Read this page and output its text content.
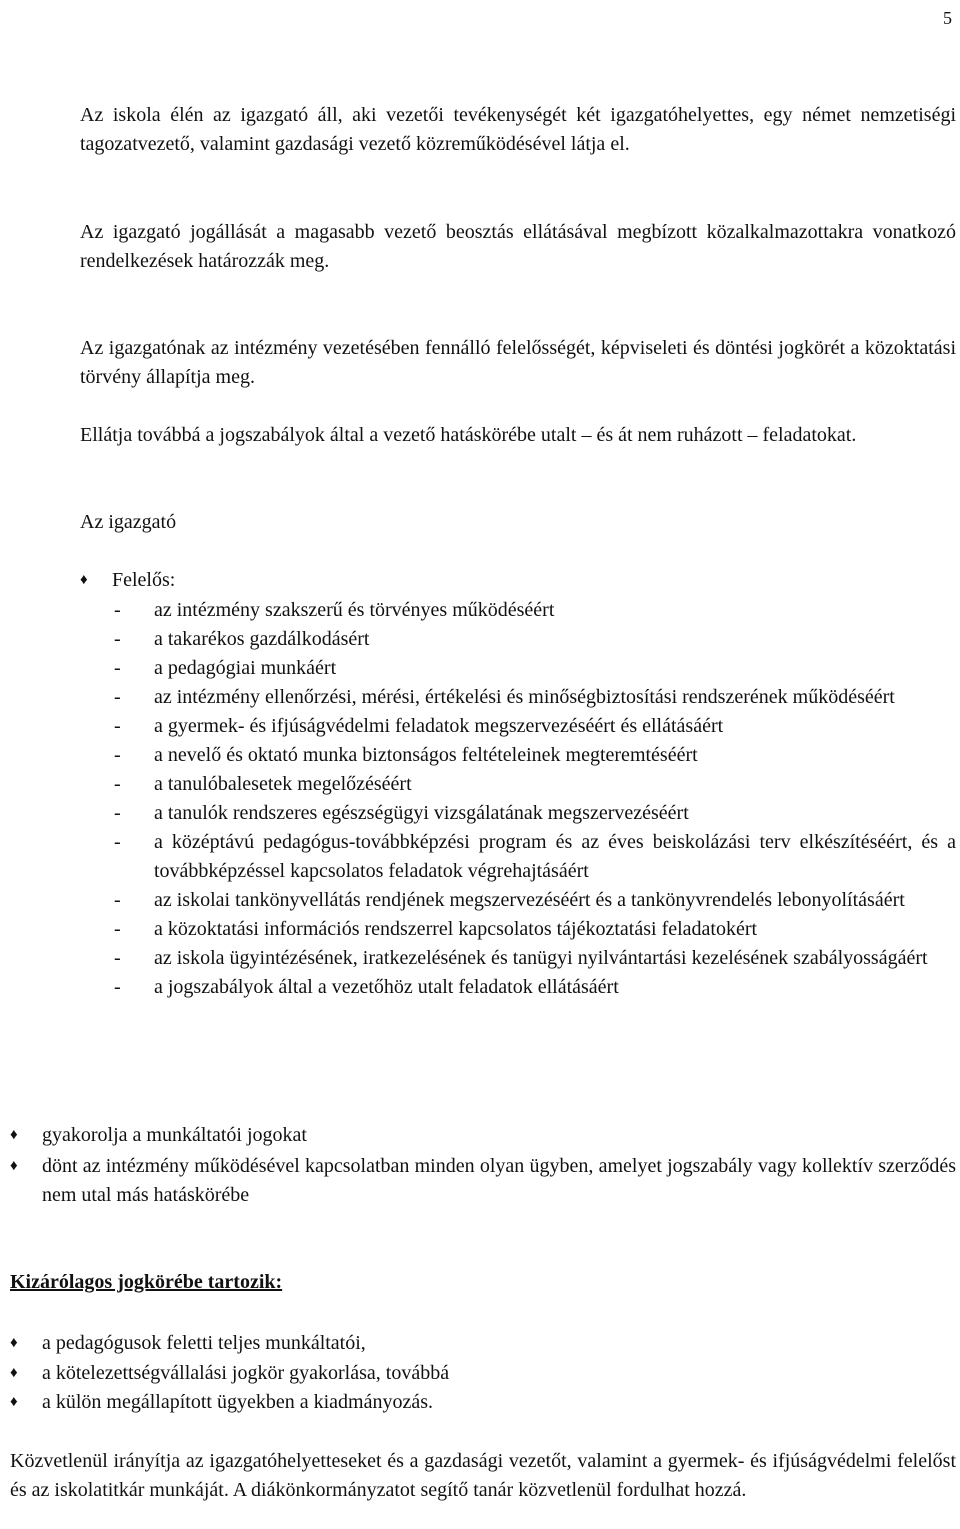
5

Az iskola élén az igazgató áll, aki vezetői tevékenységét két igazgatóhelyettes, egy német nemzetiségi tagozatvezető, valamint gazdasági vezető közreműködésével látja el.

Az igazgató jogállását a magasabb vezető beosztás ellátásával megbízott közalkalmazottakra vonatkozó rendelkezések határozzák meg.

Az igazgatónak az intézmény vezetésében fennálló felelősségét, képviseleti és döntési jogkörét a közoktatási törvény állapítja meg.

Ellátja továbbá a jogszabályok által a vezető hatáskörébe utalt – és át nem ruházott – feladatokat.

Az igazgató

♦	Felelős:
-	az intézmény szakszerű és törvényes működéséért
-	a takarékos gazdálkodásért
-	a pedagógiai munkáért
-	az intézmény ellenőrzési, mérési, értékelési és minőségbiztosítási rendszerének működéséért
-	a gyermek- és ifjúságvédelmi feladatok megszervezéséért és ellátásáért
-	a nevelő és oktató munka biztonságos feltételeinek megteremtéséért
-	a tanulóbalesetek megelőzéséért
-	a tanulók rendszeres egészségügyi vizsgálatának megszervezéséért
-	a középtávú pedagógus-továbbképzési program és az éves beiskolázási terv elkészítéséért, és a továbbképzéssel kapcsolatos feladatok végrehajtásáért
-	az iskolai tankönyvellátás rendjének megszervezéséért és a tankönyvrendelés lebonyolításáért
-	a közoktatási információs rendszerrel kapcsolatos tájékoztatási feladatokért
-	az iskola ügyintézésének, iratkezelésének és tanügyi nyilvántartási kezelésének szabályosságáért
-	a jogszabályok által a vezetőhöz utalt feladatok ellátásáért
♦	gyakorolja a munkáltatói jogokat
♦	dönt az intézmény működésével kapcsolatban minden olyan ügyben, amelyet jogszabály vagy kollektív szerződés nem utal más hatáskörébe
Kizárólagos jogkörébe tartozik:
♦	a pedagógusok feletti teljes munkáltatói,
♦	a kötelezettségvállalási jogkör gyakorlása, továbbá
♦	a külön megállapított ügyekben a kiadmányozás.

Közvetlenül irányítja az igazgatóhelyetteseket és a gazdasági vezetőt, valamint a gyermek- és ifjúságvédelmi felelőst és az iskolatitkár munkáját. A diákönkormányzatot segítő tanár közvetlenül fordulhat hozzá.
